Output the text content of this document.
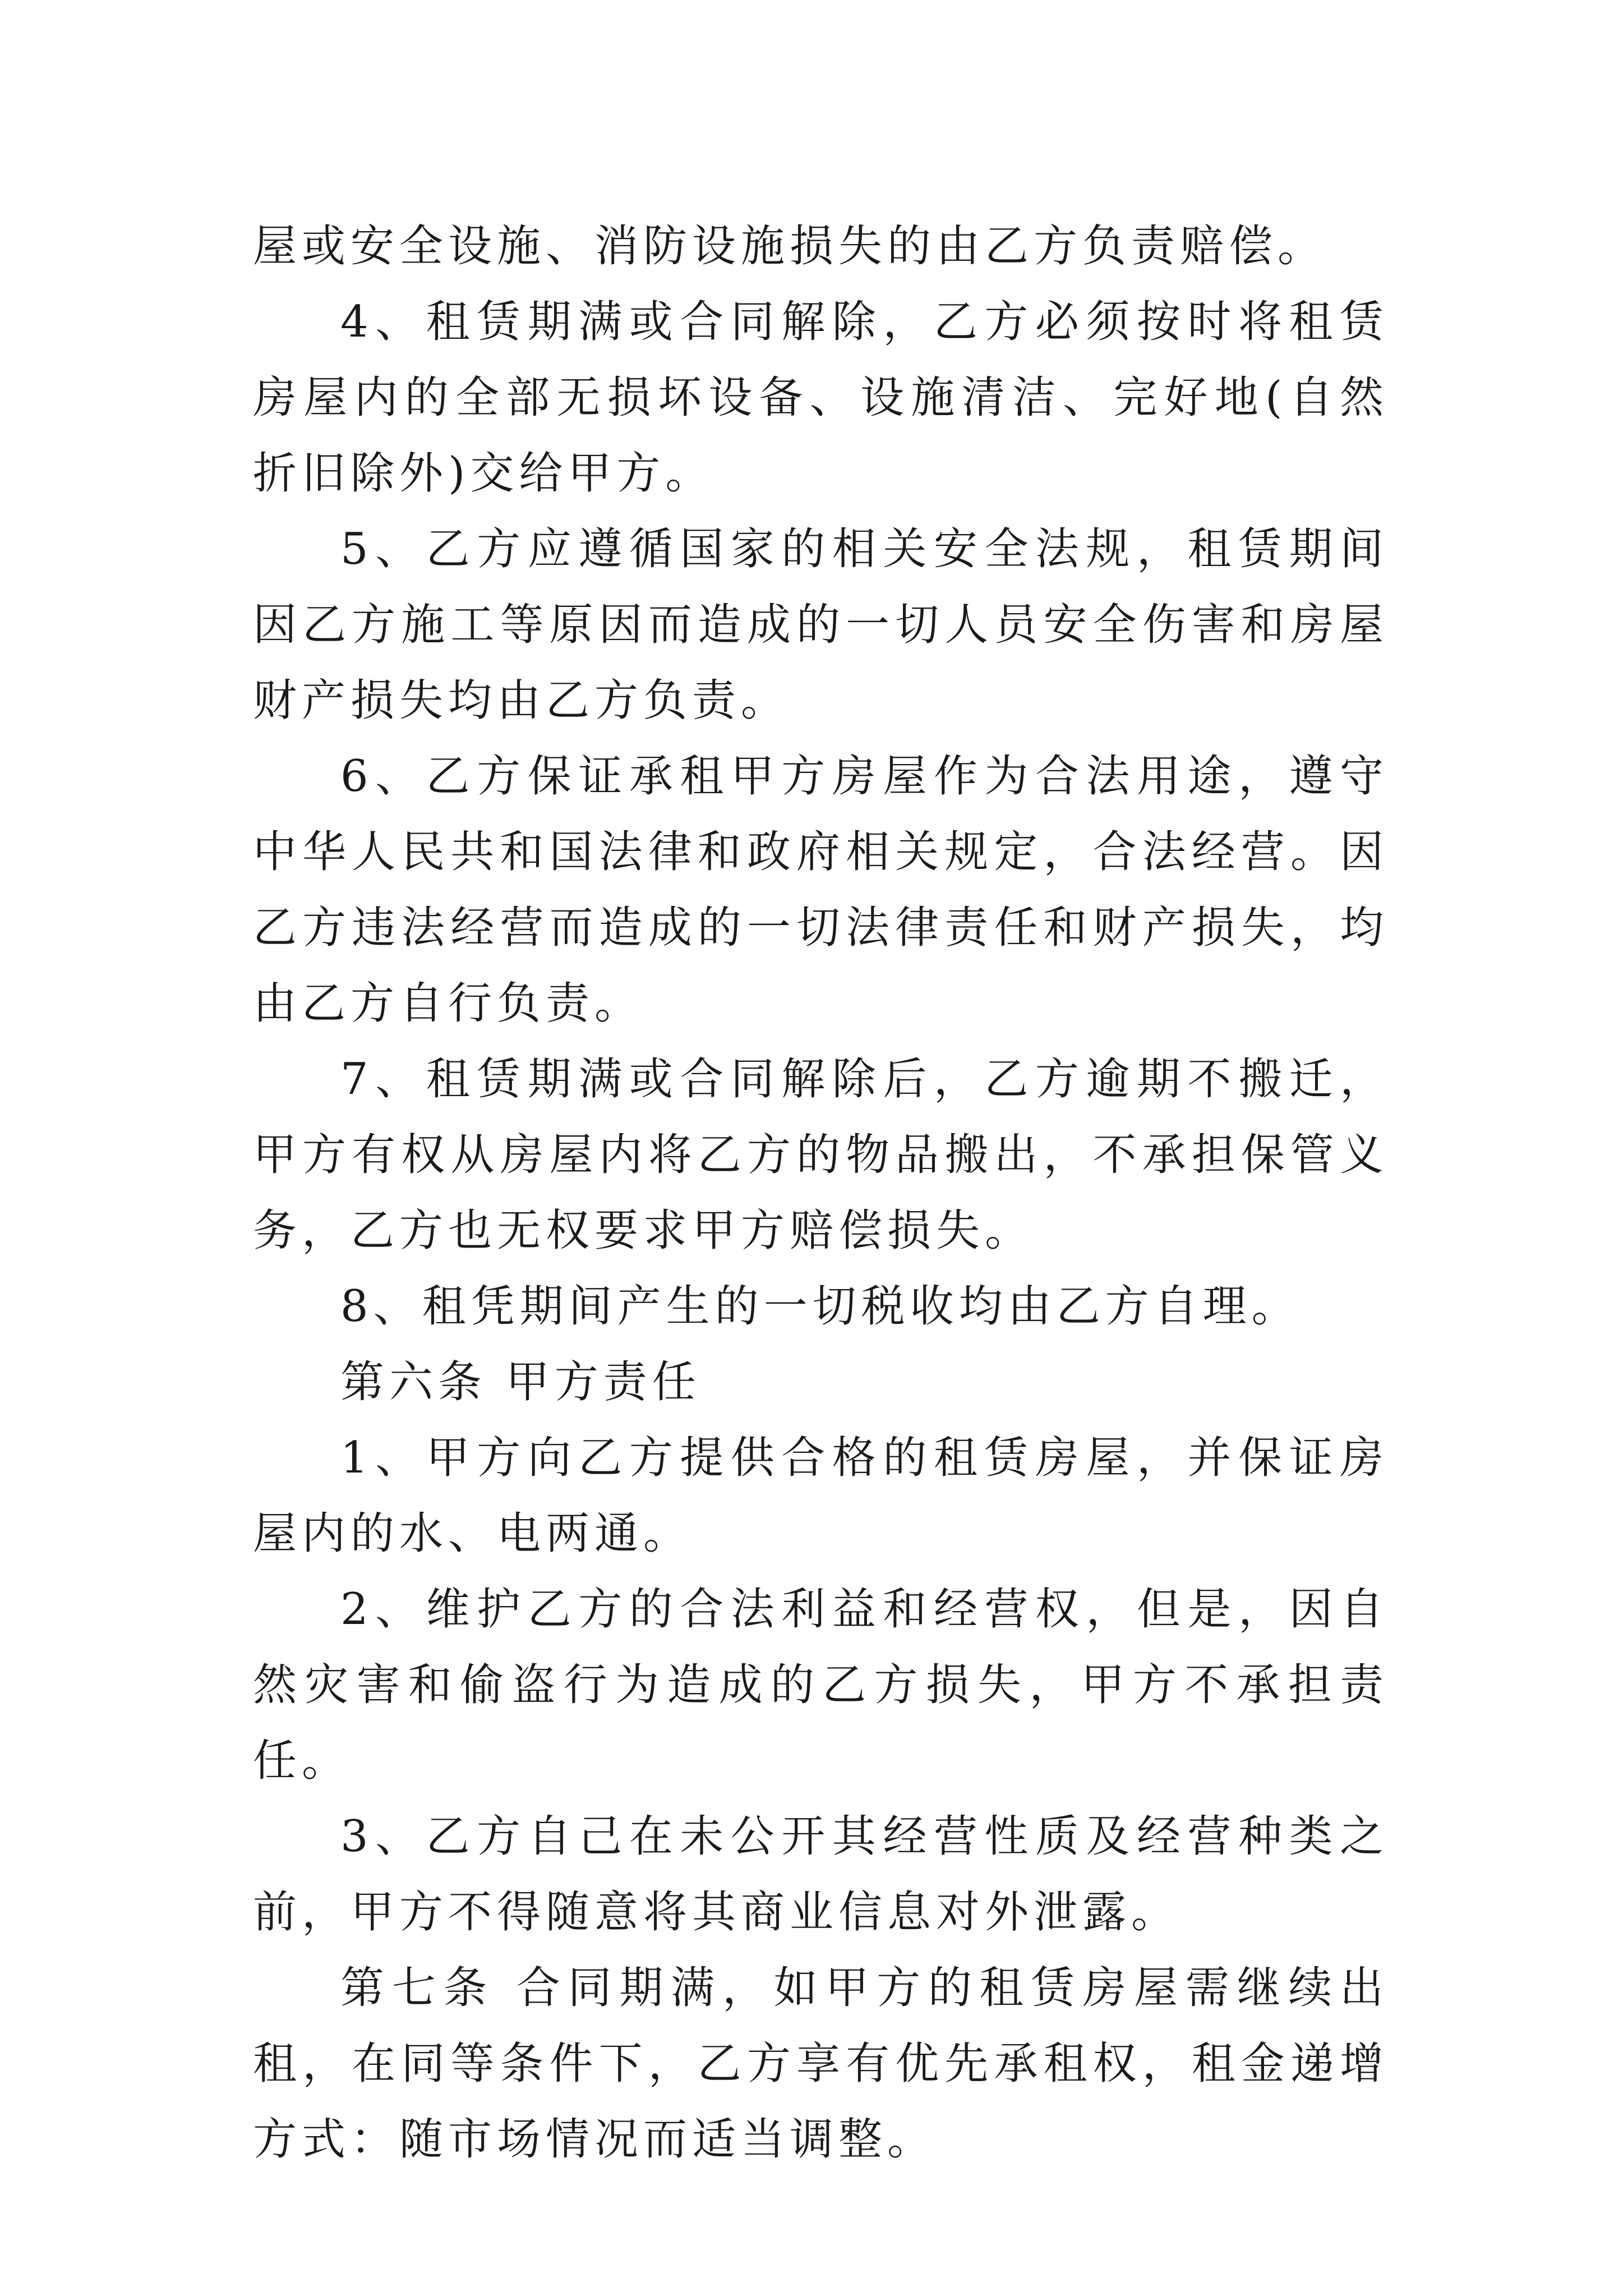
屋或安全设施、消防设施损失的由乙方负责赔偿。

4、租赁期满或合同解除，乙方必须按时将租赁房屋内的全部无损坏设备、设施清洁、完好地(自然折旧除外)交给甲方。

5、乙方应遵循国家的相关安全法规，租赁期间因乙方施工等原因而造成的一切人员安全伤害和房屋财产损失均由乙方负责。

6、乙方保证承租甲方房屋作为合法用途，遵守中华人民共和国法律和政府相关规定，合法经营。因乙方违法经营而造成的一切法律责任和财产损失，均由乙方自行负责。

7、租赁期满或合同解除后，乙方逾期不搬迁，甲方有权从房屋内将乙方的物品搬出，不承担保管义务，乙方也无权要求甲方赔偿损失。

8、租凭期间产生的一切税收均由乙方自理。

第六条 甲方责任

1、甲方向乙方提供合格的租赁房屋，并保证房屋内的水、电两通。

2、维护乙方的合法利益和经营权，但是，因自然灾害和偷盗行为造成的乙方损失，甲方不承担责任。

3、乙方自己在未公开其经营性质及经营种类之前，甲方不得随意将其商业信息对外泄露。

第七条 合同期满，如甲方的租赁房屋需继续出租，在同等条件下，乙方享有优先承租权，租金递增方式：随市场情况而适当调整。
